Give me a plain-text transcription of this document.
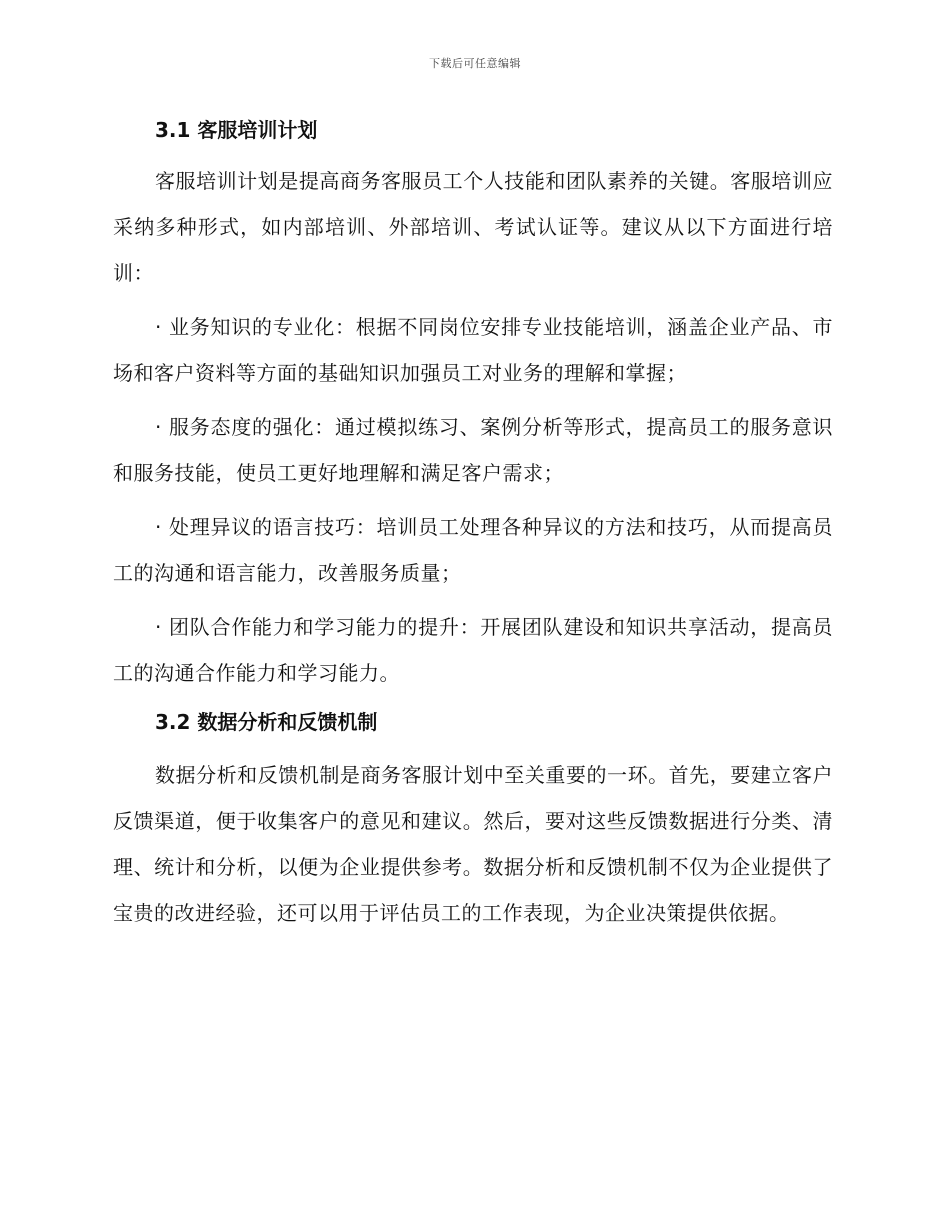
下载后可任意编辑
3.1 客服培训计划

客服培训计划是提高商务客服员工个人技能和团队素养的关键。客服培训应采纳多种形式，如内部培训、外部培训、考试认证等。建议从以下方面进行培训：

· 业务知识的专业化：根据不同岗位安排专业技能培训，涵盖企业产品、市场和客户资料等方面的基础知识加强员工对业务的理解和掌握；

· 服务态度的强化：通过模拟练习、案例分析等形式，提高员工的服务意识和服务技能，使员工更好地理解和满足客户需求；

· 处理异议的语言技巧：培训员工处理各种异议的方法和技巧，从而提高员工的沟通和语言能力，改善服务质量；

· 团队合作能力和学习能力的提升：开展团队建设和知识共享活动，提高员工的沟通合作能力和学习能力。

3.2 数据分析和反馈机制

数据分析和反馈机制是商务客服计划中至关重要的一环。首先，要建立客户反馈渠道，便于收集客户的意见和建议。然后，要对这些反馈数据进行分类、清理、统计和分析，以便为企业提供参考。数据分析和反馈机制不仅为企业提供了宝贵的改进经验，还可以用于评估员工的工作表现，为企业决策提供依据。
